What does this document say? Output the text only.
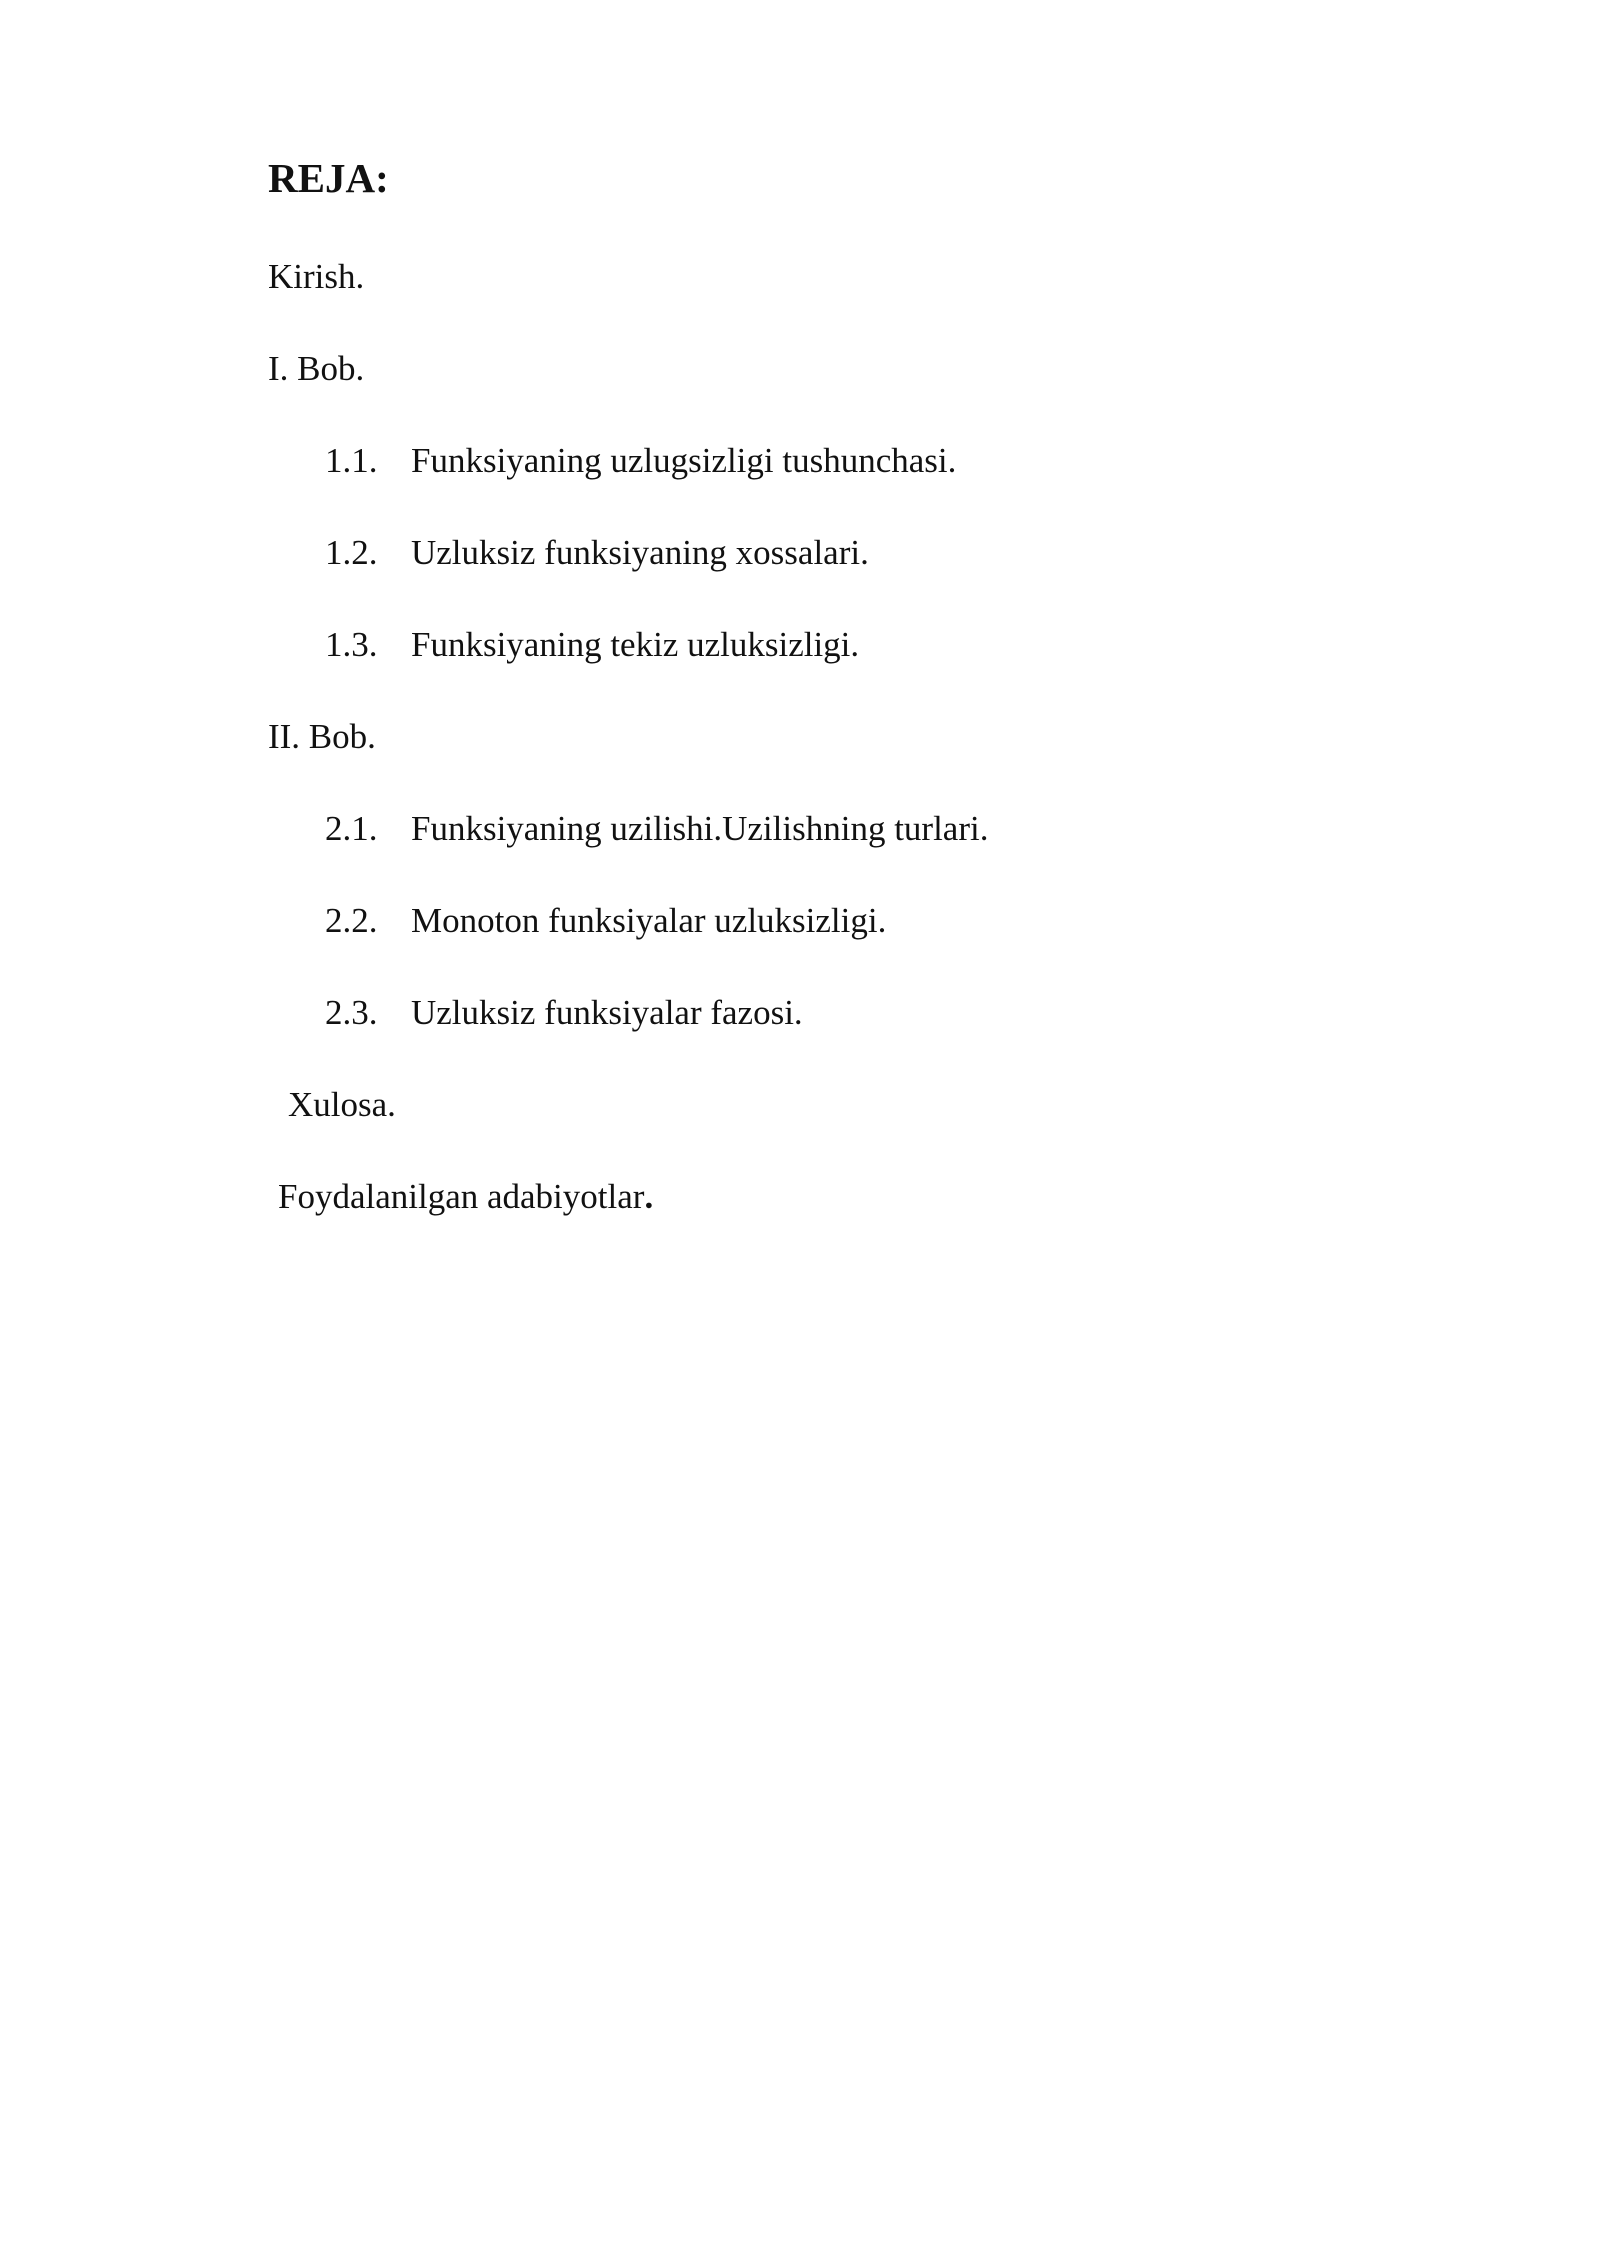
REJA:
Kirish.
I. Bob.
1.1. Funksiyaning uzlugsizligi tushunchasi.
1.2. Uzluksiz funksiyaning xossalari.
1.3. Funksiyaning tekiz uzluksizligi.
II. Bob.
2.1. Funksiyaning uzilishi.Uzilishning turlari.
2.2. Monoton funksiyalar uzluksizligi.
2.3. Uzluksiz funksiyalar fazosi.
Xulosa.
Foydalanilgan adabiyotlar.
